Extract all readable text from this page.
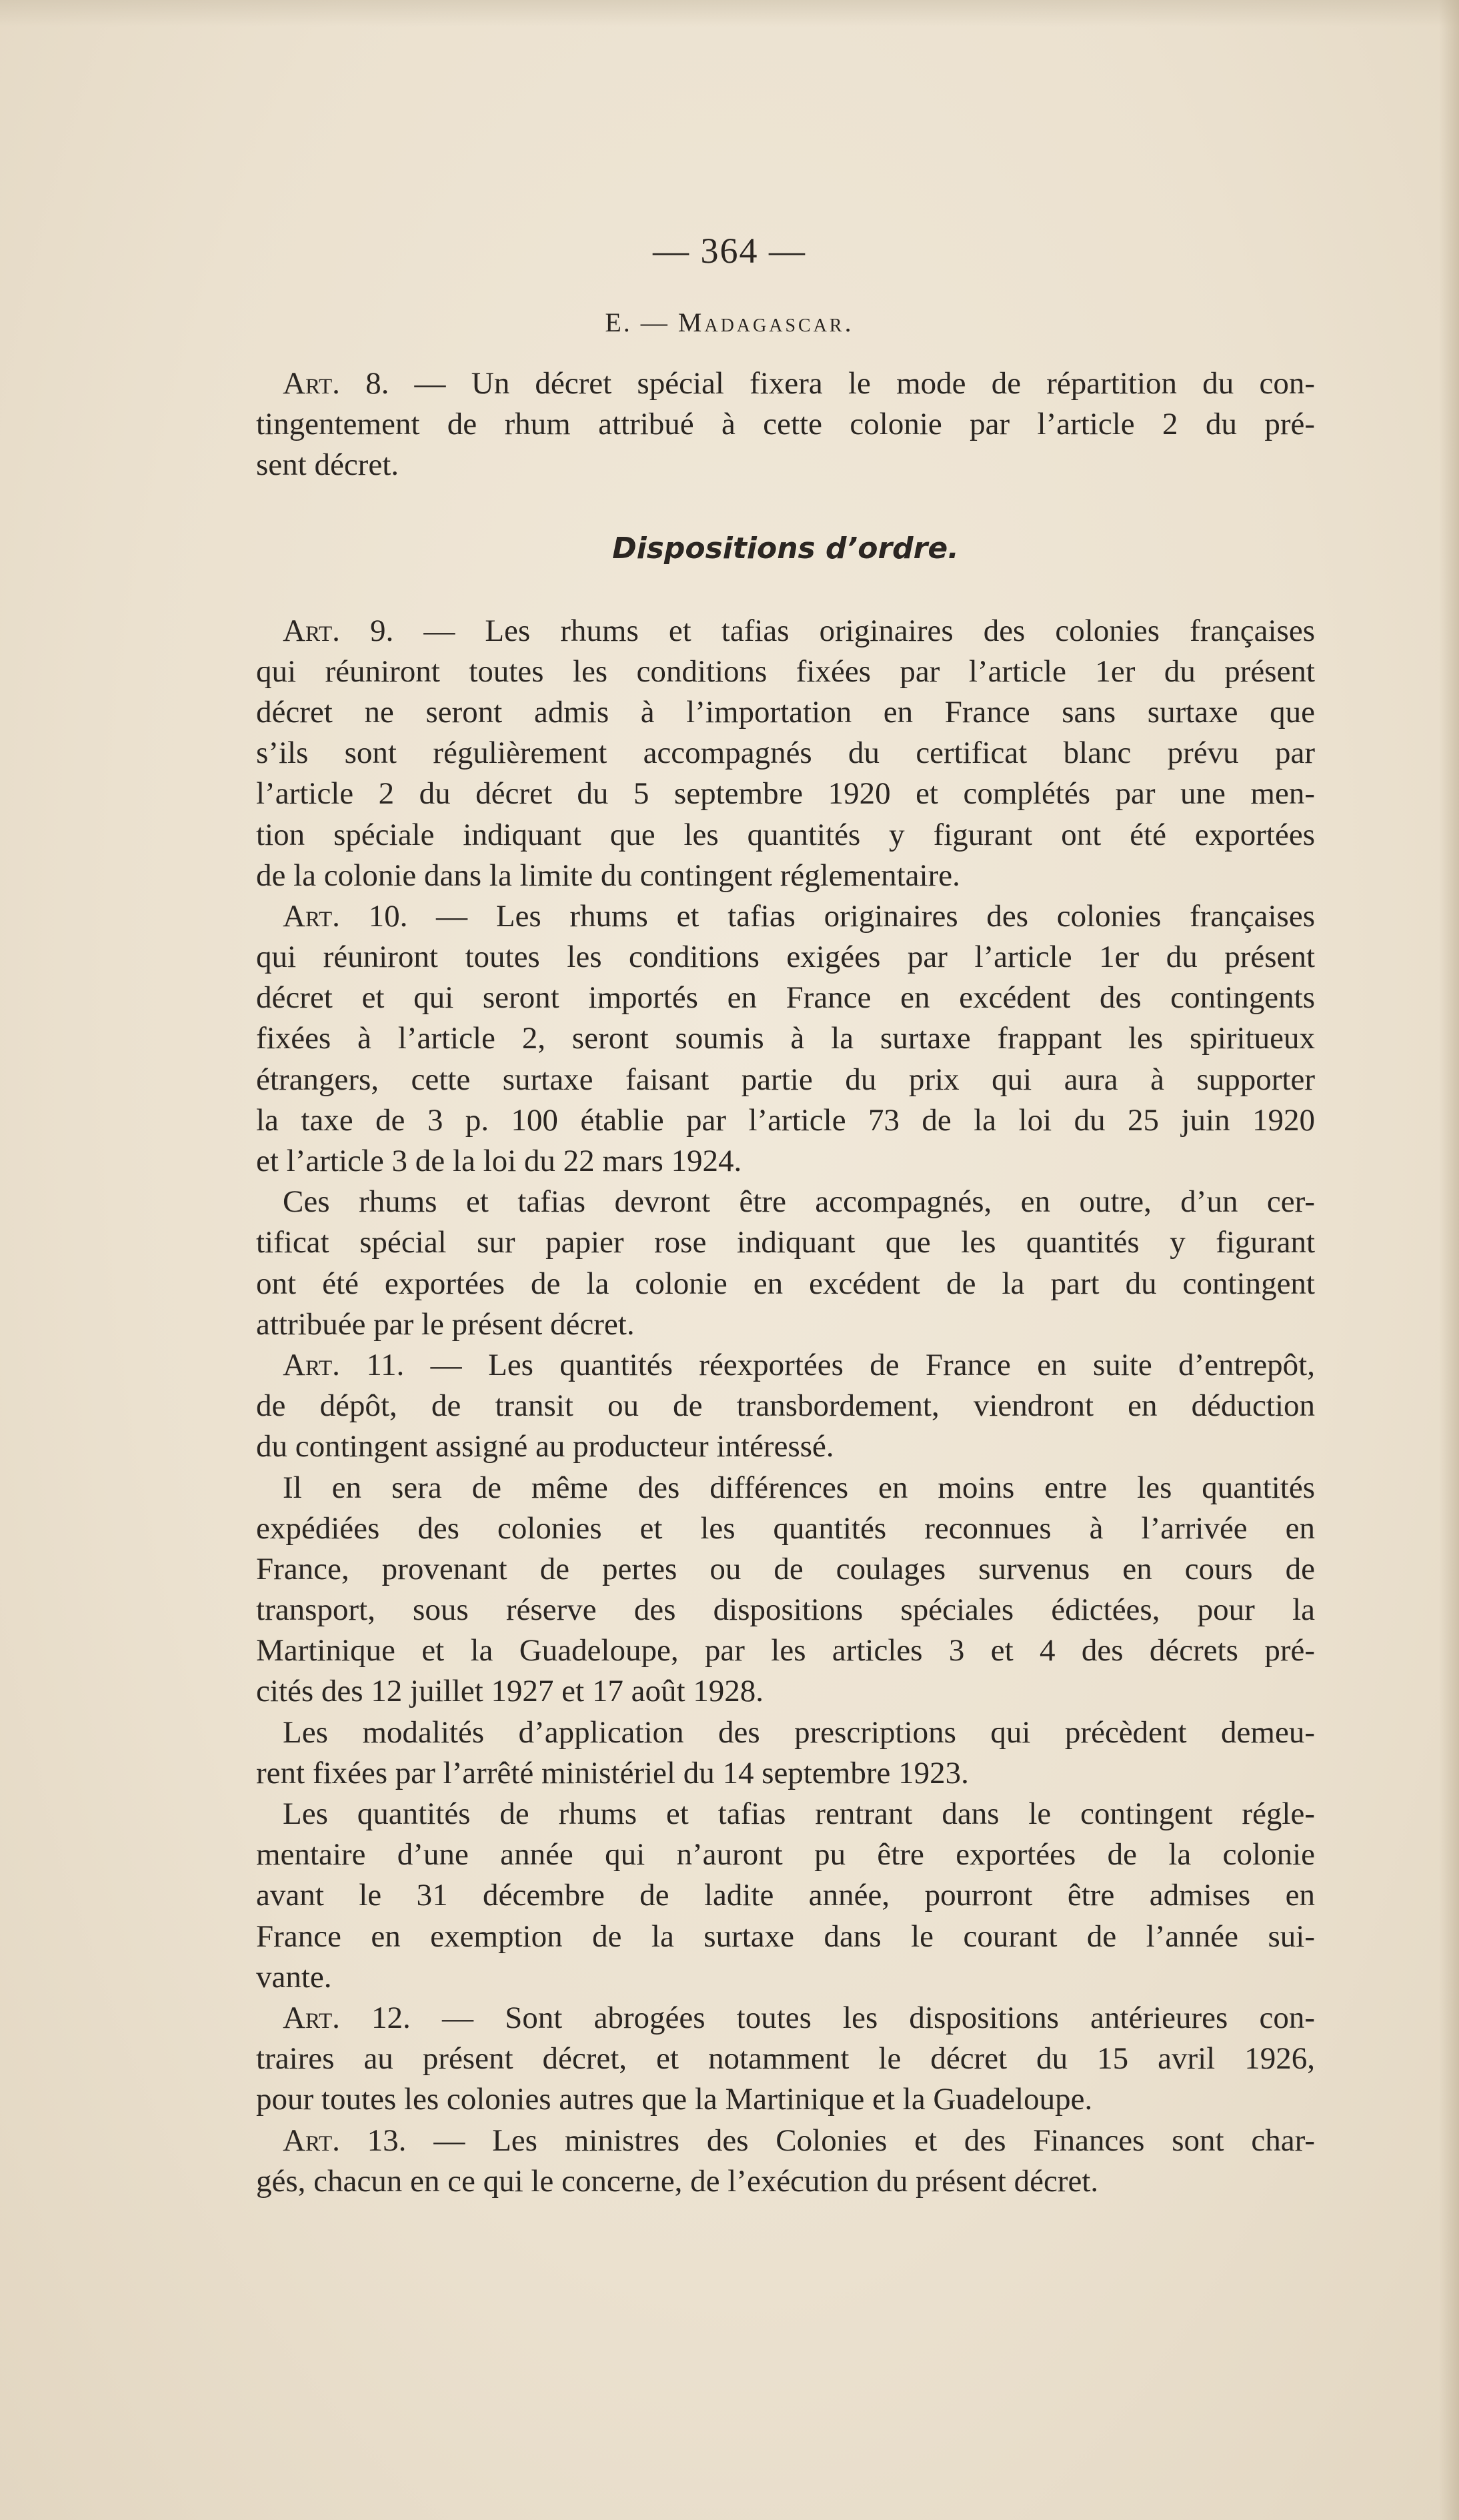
— 364 —
E. — Madagascar.
Art. 8. — Un décret spécial fixera le mode de répartition du con-
tingentement de rhum attribué à cette colonie par l’article 2 du pré-
sent décret.
Dispositions d’ordre.
Art. 9. — Les rhums et tafias originaires des colonies françaises
qui réuniront toutes les conditions fixées par l’article 1er du présent
décret ne seront admis à l’importation en France sans surtaxe que
s’ils sont régulièrement accompagnés du certificat blanc prévu par
l’article 2 du décret du 5 septembre 1920 et complétés par une men-
tion spéciale indiquant que les quantités y figurant ont été exportées
de la colonie dans la limite du contingent réglementaire.
Art. 10. — Les rhums et tafias originaires des colonies françaises
qui réuniront toutes les conditions exigées par l’article 1er du présent
décret et qui seront importés en France en excédent des contingents
fixées à l’article 2, seront soumis à la surtaxe frappant les spiritueux
étrangers, cette surtaxe faisant partie du prix qui aura à supporter
la taxe de 3 p. 100 établie par l’article 73 de la loi du 25 juin 1920
et l’article 3 de la loi du 22 mars 1924.
Ces rhums et tafias devront être accompagnés, en outre, d’un cer-
tificat spécial sur papier rose indiquant que les quantités y figurant
ont été exportées de la colonie en excédent de la part du contingent
attribuée par le présent décret.
Art. 11. — Les quantités réexportées de France en suite d’entrepôt,
de dépôt, de transit ou de transbordement, viendront en déduction
du contingent assigné au producteur intéressé.
Il en sera de même des différences en moins entre les quantités
expédiées des colonies et les quantités reconnues à l’arrivée en
France, provenant de pertes ou de coulages survenus en cours de
transport, sous réserve des dispositions spéciales édictées, pour la
Martinique et la Guadeloupe, par les articles 3 et 4 des décrets pré-
cités des 12 juillet 1927 et 17 août 1928.
Les modalités d’application des prescriptions qui précèdent demeu-
rent fixées par l’arrêté ministériel du 14 septembre 1923.
Les quantités de rhums et tafias rentrant dans le contingent régle-
mentaire d’une année qui n’auront pu être exportées de la colonie
avant le 31 décembre de ladite année, pourront être admises en
France en exemption de la surtaxe dans le courant de l’année sui-
vante.
Art. 12. — Sont abrogées toutes les dispositions antérieures con-
traires au présent décret, et notamment le décret du 15 avril 1926,
pour toutes les colonies autres que la Martinique et la Guadeloupe.
Art. 13. — Les ministres des Colonies et des Finances sont char-
gés, chacun en ce qui le concerne, de l’exécution du présent décret.
